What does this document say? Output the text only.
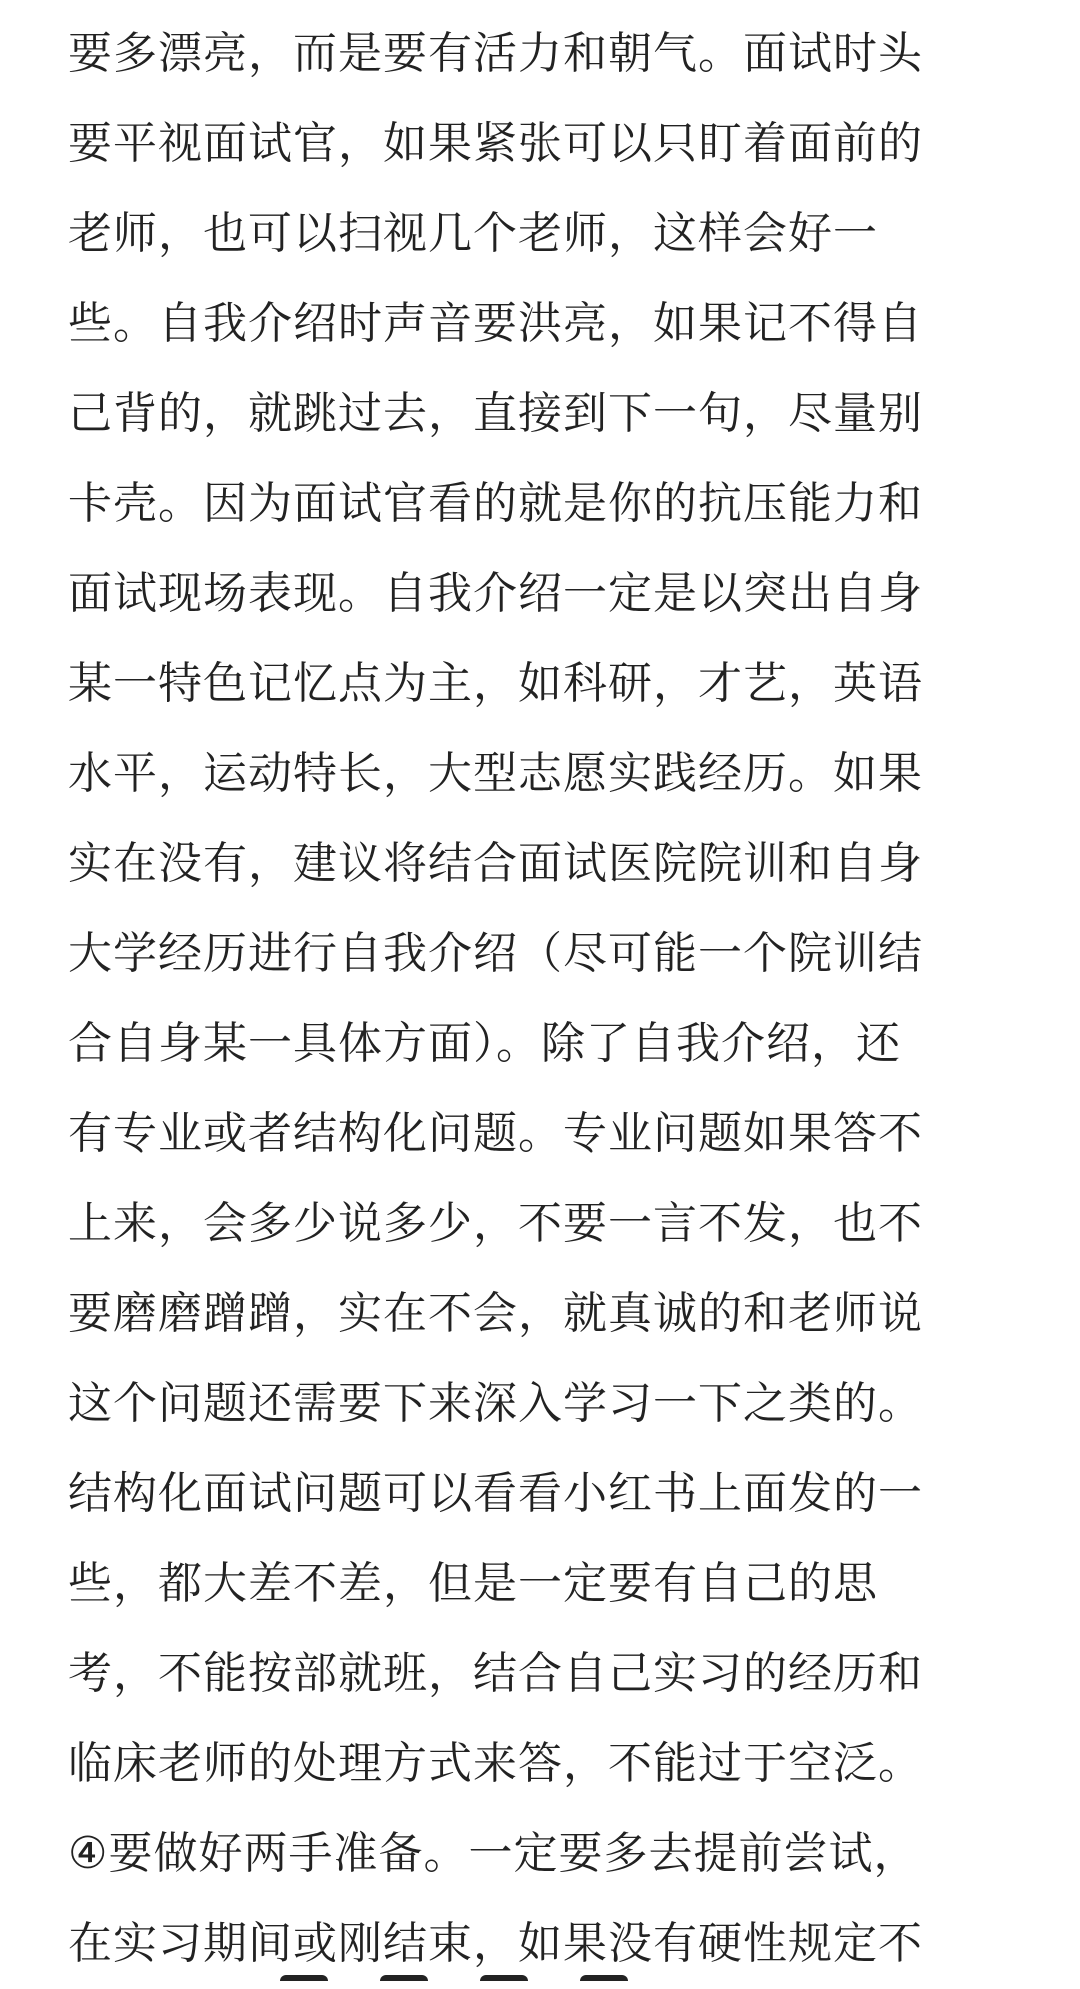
要多漂亮，而是要有活力和朝气。面试时头
要平视面试官，如果紧张可以只盯着面前的
老师，也可以扫视几个老师，这样会好一
些。自我介绍时声音要洪亮，如果记不得自
己背的，就跳过去，直接到下一句，尽量别
卡壳。因为面试官看的就是你的抗压能力和
面试现场表现。自我介绍一定是以突出自身
某一特色记忆点为主，如科研，才艺，英语
水平，运动特长，大型志愿实践经历。如果
实在没有，建议将结合面试医院院训和自身
大学经历进行自我介绍（尽可能一个院训结
合自身某一具体方面）。除了自我介绍，还
有专业或者结构化问题。专业问题如果答不
上来，会多少说多少，不要一言不发，也不
要磨磨蹭蹭，实在不会，就真诚的和老师说
这个问题还需要下来深入学习一下之类的。
结构化面试问题可以看看小红书上面发的一
些，都大差不差，但是一定要有自己的思
考，不能按部就班，结合自己实习的经历和
临床老师的处理方式来答，不能过于空泛。
④要做好两手准备。一定要多去提前尝试，
在实习期间或刚结束，如果没有硬性规定不
